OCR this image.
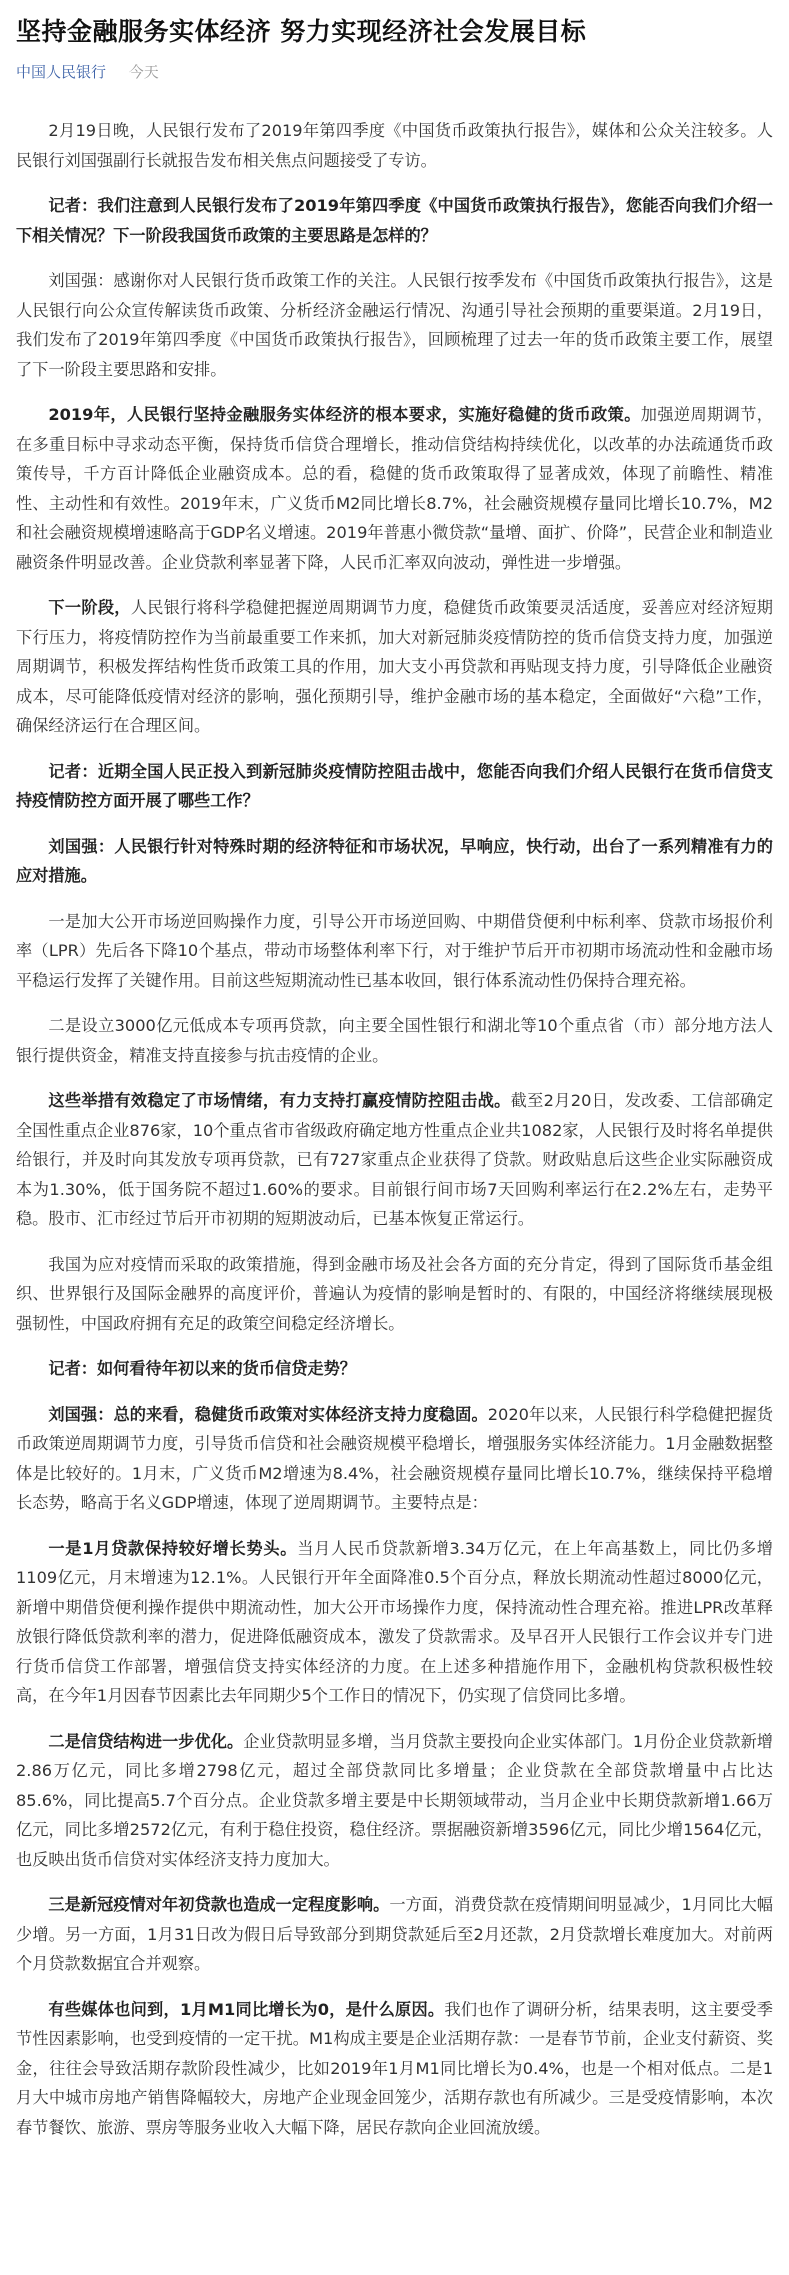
坚持金融服务实体经济 努力实现经济社会发展目标
中国人民银行 今天
2月19日晚，人民银行发布了2019年第四季度《中国货币政策执行报告》，媒体和公众关注较多。人民银行刘国强副行长就报告发布相关焦点问题接受了专访。
记者：我们注意到人民银行发布了2019年第四季度《中国货币政策执行报告》，您能否向我们介绍一下相关情况？下一阶段我国货币政策的主要思路是怎样的？
刘国强：感谢你对人民银行货币政策工作的关注。人民银行按季发布《中国货币政策执行报告》，这是人民银行向公众宣传解读货币政策、分析经济金融运行情况、沟通引导社会预期的重要渠道。2月19日，我们发布了2019年第四季度《中国货币政策执行报告》，回顾梳理了过去一年的货币政策主要工作，展望了下一阶段主要思路和安排。
2019年，人民银行坚持金融服务实体经济的根本要求，实施好稳健的货币政策。加强逆周期调节，在多重目标中寻求动态平衡，保持货币信贷合理增长，推动信贷结构持续优化，以改革的办法疏通货币政策传导，千方百计降低企业融资成本。总的看，稳健的货币政策取得了显著成效，体现了前瞻性、精准性、主动性和有效性。2019年末，广义货币M2同比增长8.7%，社会融资规模存量同比增长10.7%，M2和社会融资规模增速略高于GDP名义增速。2019年普惠小微贷款“量增、面扩、价降”，民营企业和制造业融资条件明显改善。企业贷款利率显著下降，人民币汇率双向波动，弹性进一步增强。
下一阶段，人民银行将科学稳健把握逆周期调节力度，稳健货币政策要灵活适度，妥善应对经济短期下行压力，将疫情防控作为当前最重要工作来抓，加大对新冠肺炎疫情防控的货币信贷支持力度，加强逆周期调节，积极发挥结构性货币政策工具的作用，加大支小再贷款和再贴现支持力度，引导降低企业融资成本，尽可能降低疫情对经济的影响，强化预期引导，维护金融市场的基本稳定，全面做好“六稳”工作，确保经济运行在合理区间。
记者：近期全国人民正投入到新冠肺炎疫情防控阻击战中，您能否向我们介绍人民银行在货币信贷支持疫情防控方面开展了哪些工作？
刘国强：人民银行针对特殊时期的经济特征和市场状况，早响应，快行动，出台了一系列精准有力的应对措施。
一是加大公开市场逆回购操作力度，引导公开市场逆回购、中期借贷便利中标利率、贷款市场报价利率（LPR）先后各下降10个基点，带动市场整体利率下行，对于维护节后开市初期市场流动性和金融市场平稳运行发挥了关键作用。目前这些短期流动性已基本收回，银行体系流动性仍保持合理充裕。
二是设立3000亿元低成本专项再贷款，向主要全国性银行和湖北等10个重点省（市）部分地方法人银行提供资金，精准支持直接参与抗击疫情的企业。
这些举措有效稳定了市场情绪，有力支持打赢疫情防控阻击战。截至2月20日，发改委、工信部确定全国性重点企业876家，10个重点省市省级政府确定地方性重点企业共1082家，人民银行及时将名单提供给银行，并及时向其发放专项再贷款，已有727家重点企业获得了贷款。财政贴息后这些企业实际融资成本为1.30%，低于国务院不超过1.60%的要求。目前银行间市场7天回购利率运行在2.2%左右，走势平稳。股市、汇市经过节后开市初期的短期波动后，已基本恢复正常运行。
我国为应对疫情而采取的政策措施，得到金融市场及社会各方面的充分肯定，得到了国际货币基金组织、世界银行及国际金融界的高度评价，普遍认为疫情的影响是暂时的、有限的，中国经济将继续展现极强韧性，中国政府拥有充足的政策空间稳定经济增长。
记者：如何看待年初以来的货币信贷走势？
刘国强：总的来看，稳健货币政策对实体经济支持力度稳固。2020年以来，人民银行科学稳健把握货币政策逆周期调节力度，引导货币信贷和社会融资规模平稳增长，增强服务实体经济能力。1月金融数据整体是比较好的。1月末，广义货币M2增速为8.4%，社会融资规模存量同比增长10.7%，继续保持平稳增长态势，略高于名义GDP增速，体现了逆周期调节。主要特点是：
一是1月贷款保持较好增长势头。当月人民币贷款新增3.34万亿元，在上年高基数上，同比仍多增1109亿元，月末增速为12.1%。人民银行开年全面降准0.5个百分点，释放长期流动性超过8000亿元，新增中期借贷便利操作提供中期流动性，加大公开市场操作力度，保持流动性合理充裕。推进LPR改革释放银行降低贷款利率的潜力，促进降低融资成本，激发了贷款需求。及早召开人民银行工作会议并专门进行货币信贷工作部署，增强信贷支持实体经济的力度。在上述多种措施作用下，金融机构贷款积极性较高，在今年1月因春节因素比去年同期少5个工作日的情况下，仍实现了信贷同比多增。
二是信贷结构进一步优化。企业贷款明显多增，当月贷款主要投向企业实体部门。1月份企业贷款新增2.86万亿元，同比多增2798亿元，超过全部贷款同比多增量；企业贷款在全部贷款增量中占比达85.6%，同比提高5.7个百分点。企业贷款多增主要是中长期领域带动，当月企业中长期贷款新增1.66万亿元，同比多增2572亿元，有利于稳住投资，稳住经济。票据融资新增3596亿元，同比少增1564亿元，也反映出货币信贷对实体经济支持力度加大。
三是新冠疫情对年初贷款也造成一定程度影响。一方面，消费贷款在疫情期间明显减少，1月同比大幅少增。另一方面，1月31日改为假日后导致部分到期贷款延后至2月还款，2月贷款增长难度加大。对前两个月贷款数据宜合并观察。
有些媒体也问到，1月M1同比增长为0，是什么原因。我们也作了调研分析，结果表明，这主要受季节性因素影响，也受到疫情的一定干扰。M1构成主要是企业活期存款：一是春节节前，企业支付薪资、奖金，往往会导致活期存款阶段性减少，比如2019年1月M1同比增长为0.4%，也是一个相对低点。二是1月大中城市房地产销售降幅较大，房地产企业现金回笼少，活期存款也有所减少。三是受疫情影响，本次春节餐饮、旅游、票房等服务业收入大幅下降，居民存款向企业回流放缓。
